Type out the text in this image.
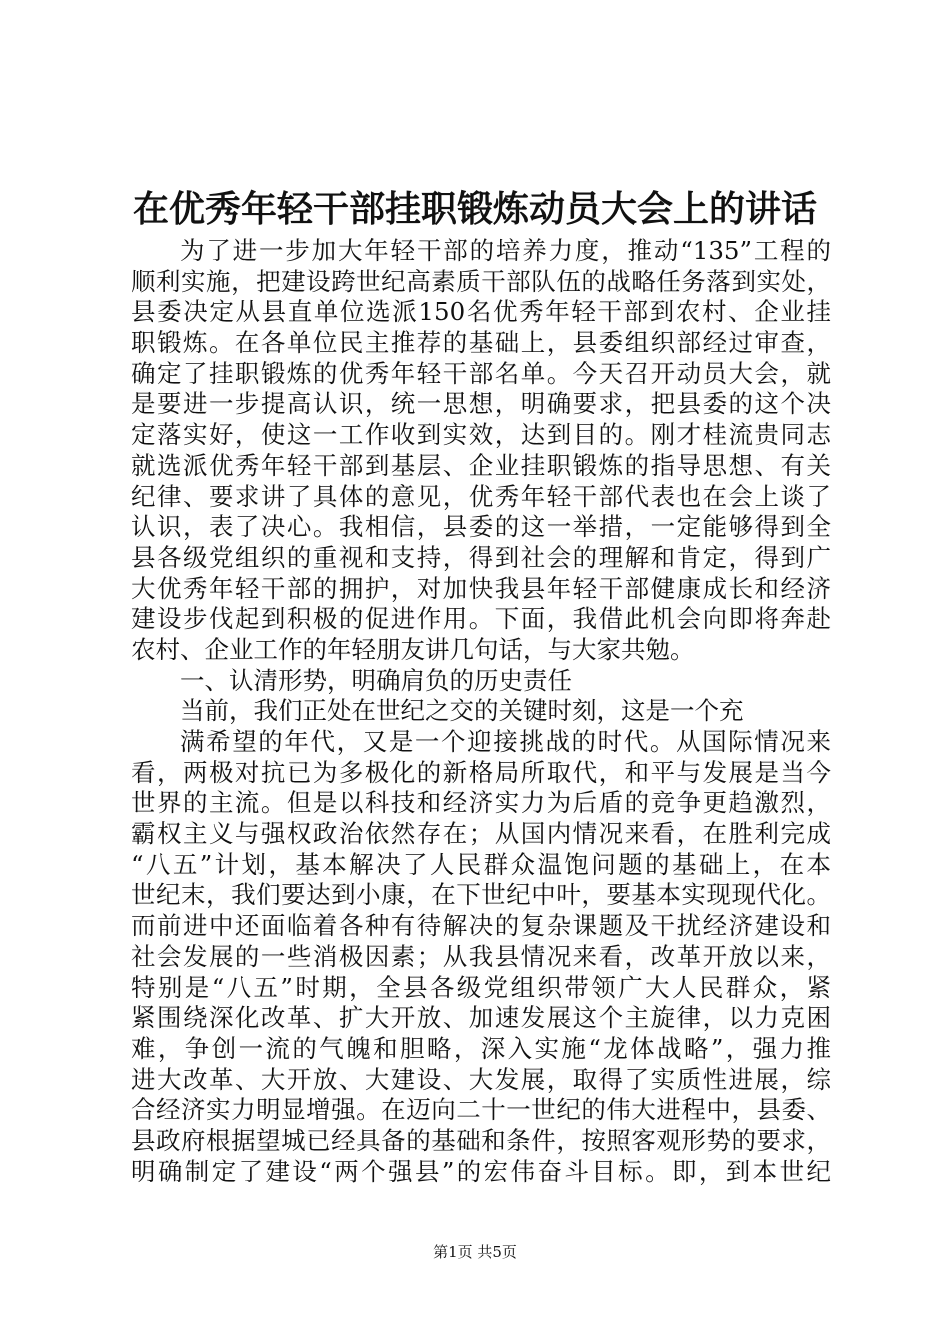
在优秀年轻干部挂职锻炼动员大会上的讲话
为了进一步加大年轻干部的培养力度，推动“135”工程的
顺利实施，把建设跨世纪高素质干部队伍的战略任务落到实处，
县委决定从县直单位选派150名优秀年轻干部到农村、企业挂
职锻炼。在各单位民主推荐的基础上，县委组织部经过审查，
确定了挂职锻炼的优秀年轻干部名单。今天召开动员大会，就
是要进一步提高认识，统一思想，明确要求，把县委的这个决
定落实好，使这一工作收到实效，达到目的。刚才桂流贵同志
就选派优秀年轻干部到基层、企业挂职锻炼的指导思想、有关
纪律、要求讲了具体的意见，优秀年轻干部代表也在会上谈了
认识，表了决心。我相信，县委的这一举措，一定能够得到全
县各级党组织的重视和支持，得到社会的理解和肯定，得到广
大优秀年轻干部的拥护，对加快我县年轻干部健康成长和经济
建设步伐起到积极的促进作用。下面，我借此机会向即将奔赴
农村、企业工作的年轻朋友讲几句话，与大家共勉。
一、认清形势，明确肩负的历史责任
当前，我们正处在世纪之交的关键时刻，这是一个充
满希望的年代，又是一个迎接挑战的时代。从国际情况来
看，两极对抗已为多极化的新格局所取代，和平与发展是当今
世界的主流。但是以科技和经济实力为后盾的竞争更趋激烈，
霸权主义与强权政治依然存在；从国内情况来看，在胜利完成
“八五”计划，基本解决了人民群众温饱问题的基础上，在本
世纪末，我们要达到小康，在下世纪中叶，要基本实现现代化。
而前进中还面临着各种有待解决的复杂课题及干扰经济建设和
社会发展的一些消极因素；从我县情况来看，改革开放以来，
特别是“八五”时期，全县各级党组织带领广大人民群众，紧
紧围绕深化改革、扩大开放、加速发展这个主旋律，以力克困
难，争创一流的气魄和胆略，深入实施“龙体战略”，强力推
进大改革、大开放、大建设、大发展，取得了实质性进展，综
合经济实力明显增强。在迈向二十一世纪的伟大进程中，县委、
县政府根据望城已经具备的基础和条件，按照客观形势的要求，
明确制定了建设“两个强县”的宏伟奋斗目标。即，到本世纪
第1页 共5页
